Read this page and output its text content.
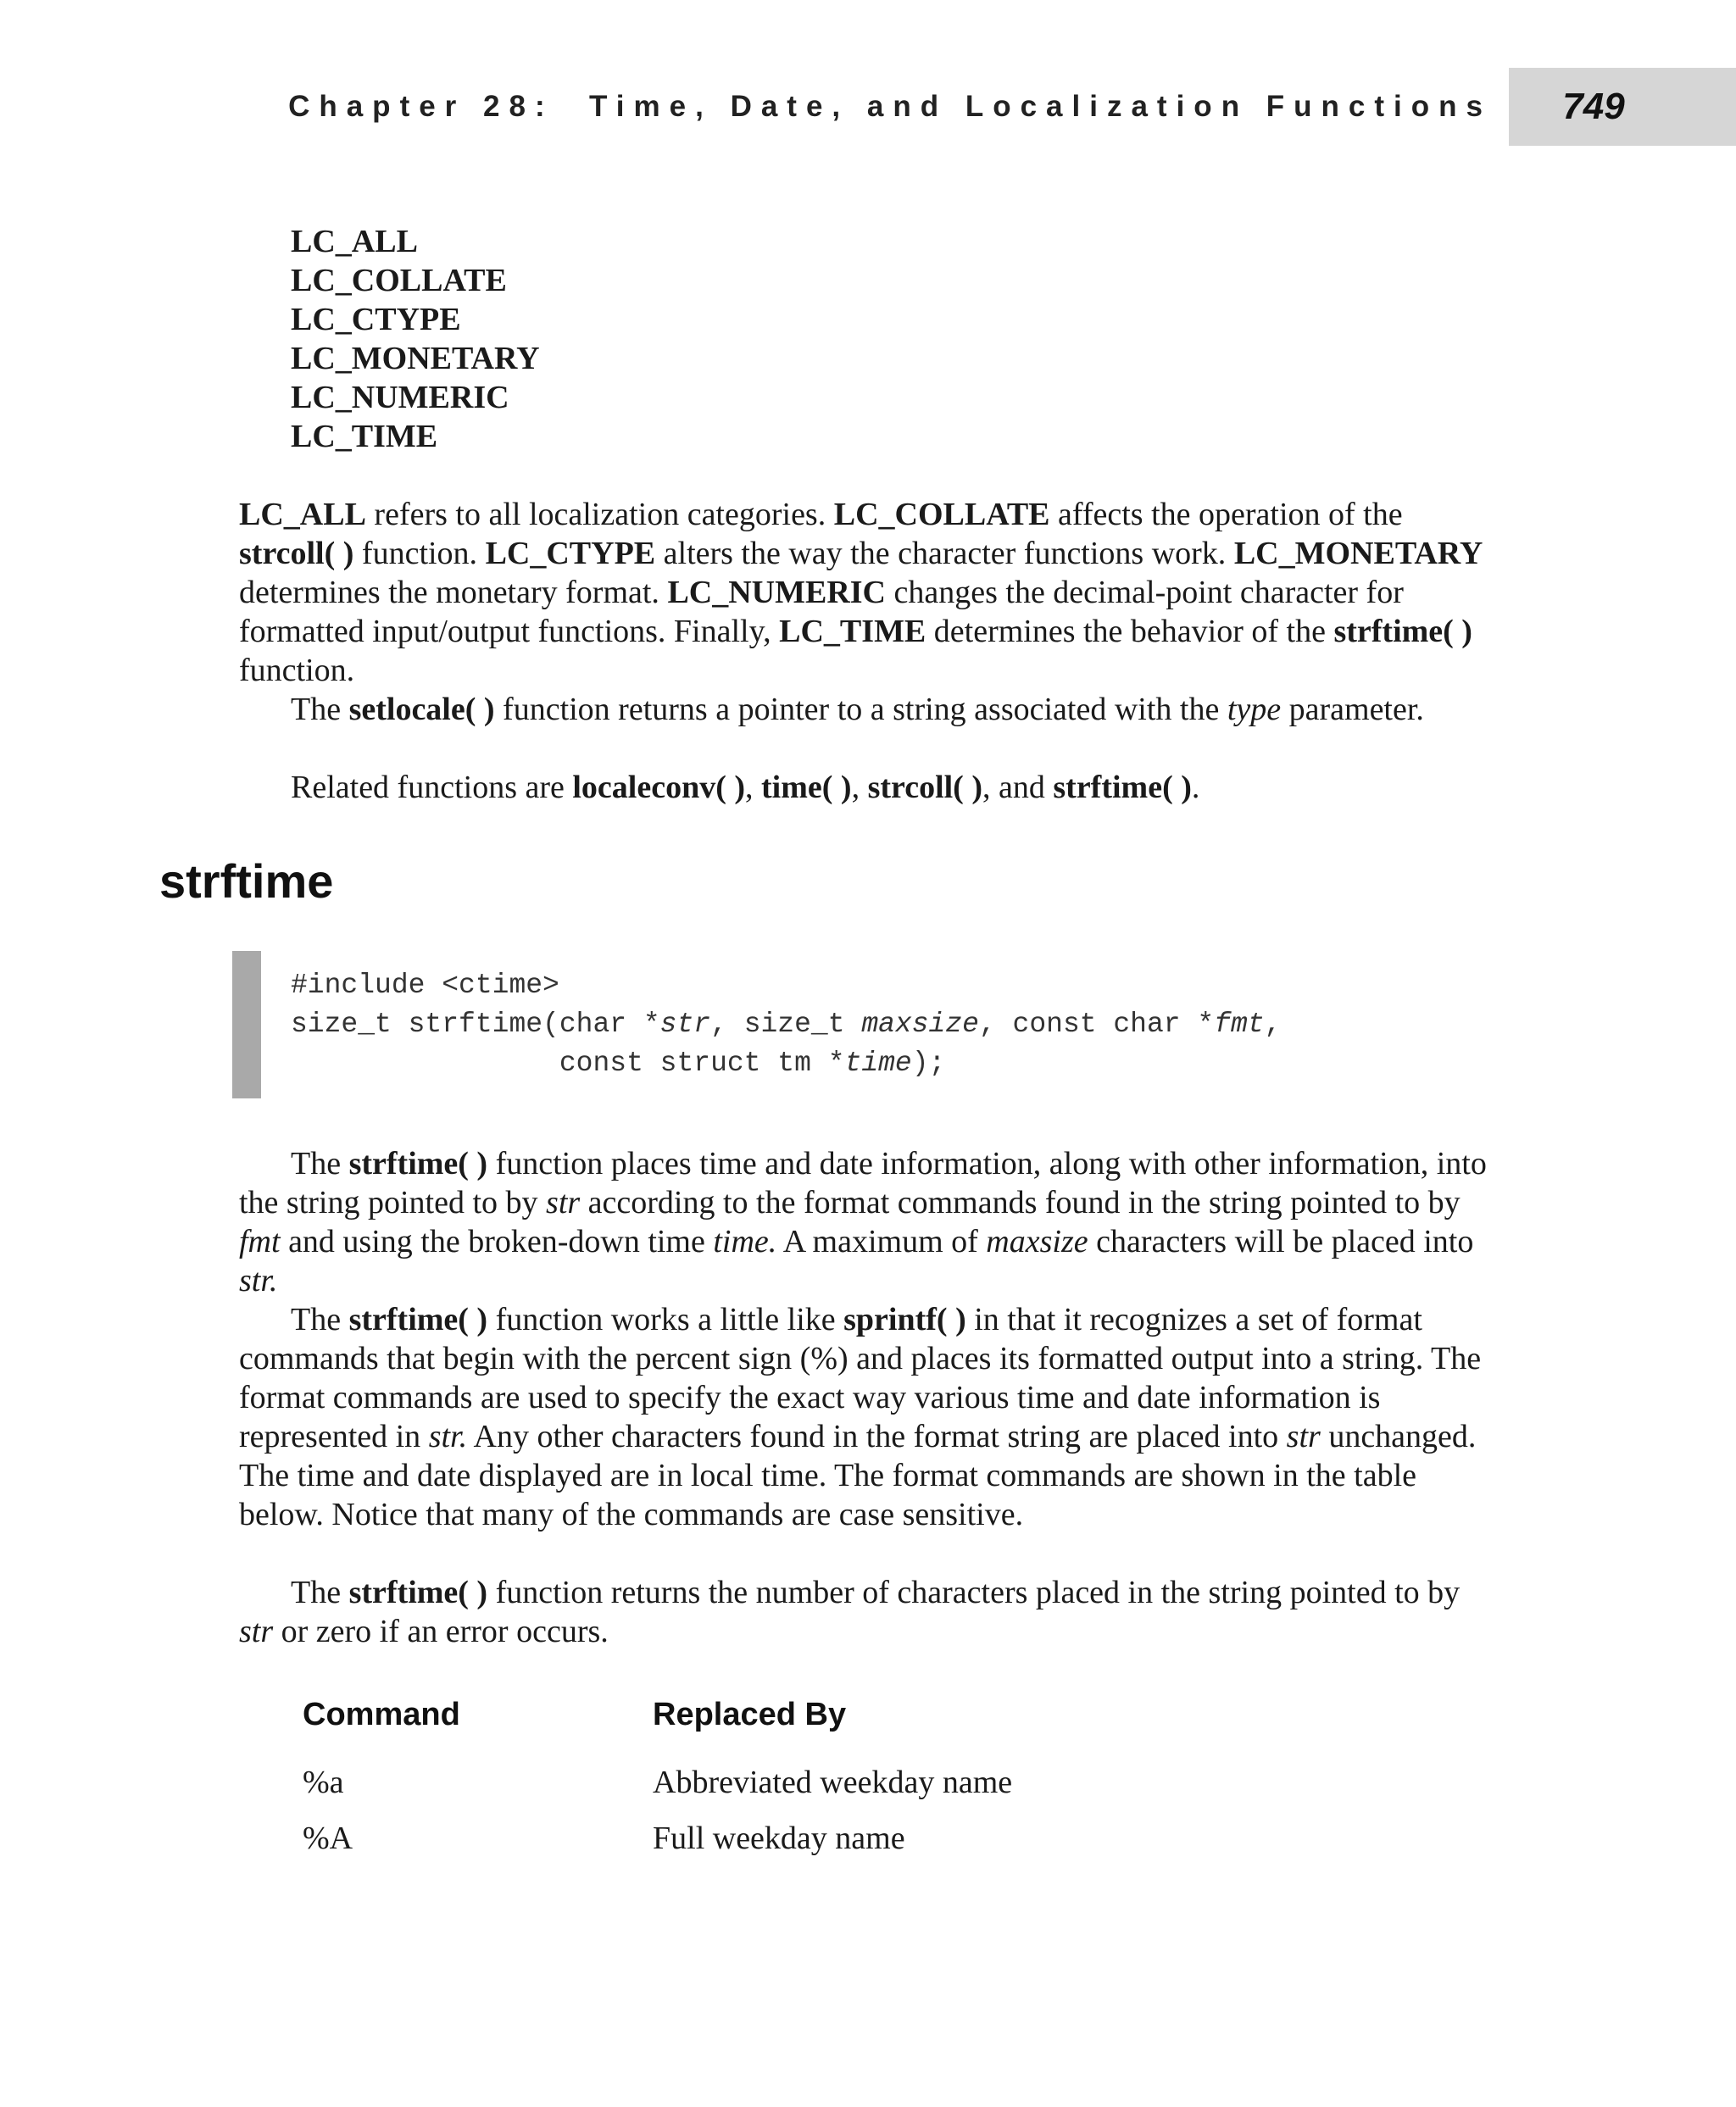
Chapter 28:  Time, Date, and Localization Functions	749
LC_ALL
LC_COLLATE
LC_CTYPE
LC_MONETARY
LC_NUMERIC
LC_TIME

LC_ALL refers to all localization categories. LC_COLLATE affects the operation of the strcoll( ) function. LC_CTYPE alters the way the character functions work. LC_MONETARY determines the monetary format. LC_NUMERIC changes the decimal-point character for formatted input/output functions. Finally, LC_TIME determines the behavior of the strftime( ) function.

The setlocale( ) function returns a pointer to a string associated with the type parameter.

Related functions are localeconv( ), time( ), strcoll( ), and strftime( ).

strftime
#include <ctime>
size_t strftime(char *str, size_t maxsize, const char *fmt,
const struct tm *time);

The strftime( ) function places time and date information, along with other information, into the string pointed to by str according to the format commands found in the string pointed to by fmt and using the broken-down time time. A maximum of maxsize characters will be placed into str.

The strftime( ) function works a little like sprintf( ) in that it recognizes a set of format commands that begin with the percent sign (%) and places its formatted output into a string. The format commands are used to specify the exact way various time and date information is represented in str. Any other characters found in the format string are placed into str unchanged. The time and date displayed are in local time. The format commands are shown in the table below. Notice that many of the commands are case sensitive.

The strftime( ) function returns the number of characters placed in the string pointed to by str or zero if an error occurs.

Command	Replaced By
%a	Abbreviated weekday name
%A	Full weekday name
